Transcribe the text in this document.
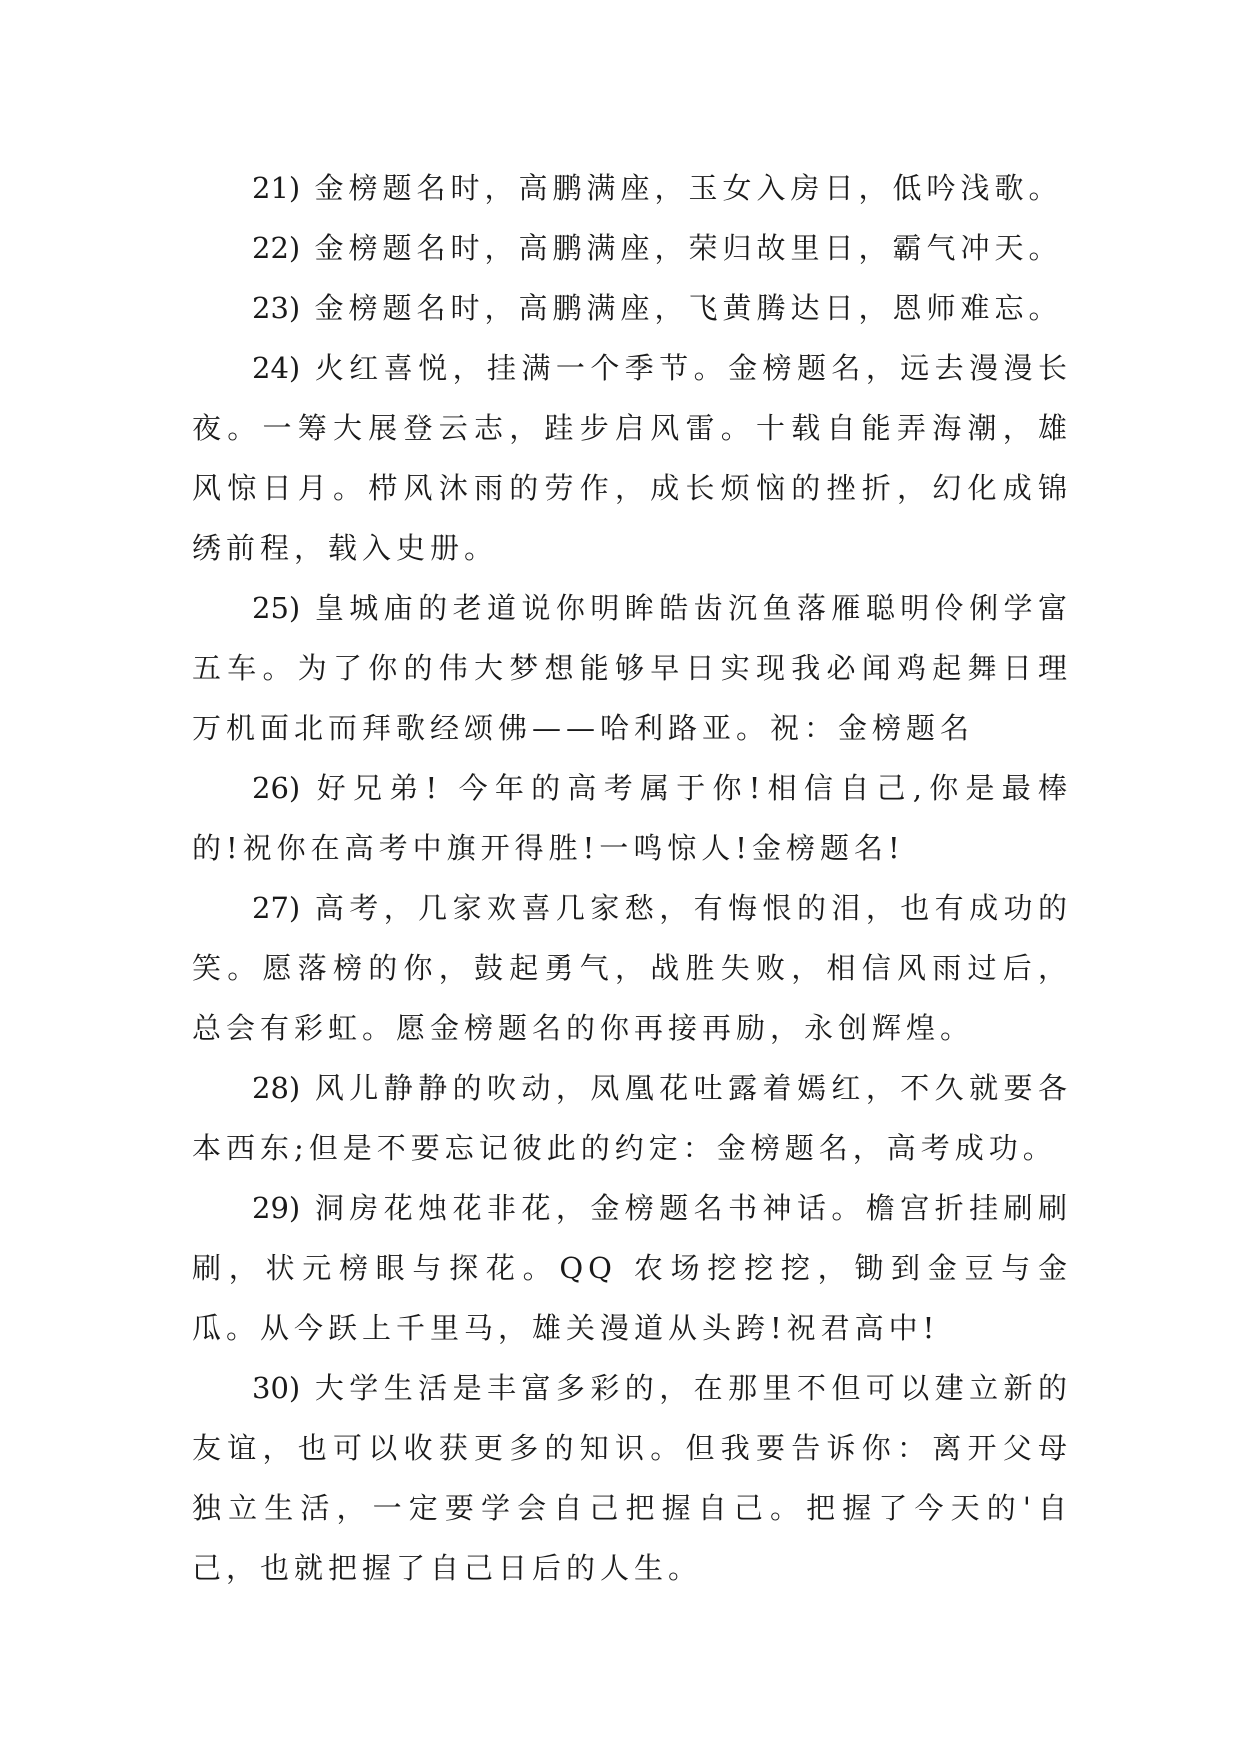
21) 金榜题名时，高鹏满座，玉女入房日，低吟浅歌。

22) 金榜题名时，高鹏满座，荣归故里日，霸气冲天。

23) 金榜题名时，高鹏满座，飞黄腾达日，恩师难忘。

24) 火红喜悦，挂满一个季节。金榜题名，远去漫漫长夜。一筹大展登云志，跬步启风雷。十载自能弄海潮，雄风惊日月。栉风沐雨的劳作，成长烦恼的挫折，幻化成锦绣前程，载入史册。

25) 皇城庙的老道说你明眸皓齿沉鱼落雁聪明伶俐学富五车。为了你的伟大梦想能够早日实现我必闻鸡起舞日理万机面北而拜歌经颂佛——哈利路亚。祝：金榜题名

26) 好兄弟! 今年的高考属于你!相信自己,你是最棒的!祝你在高考中旗开得胜!一鸣惊人!金榜题名!

27) 高考，几家欢喜几家愁，有悔恨的泪，也有成功的笑。愿落榜的你，鼓起勇气，战胜失败，相信风雨过后，总会有彩虹。愿金榜题名的你再接再励，永创辉煌。

28) 风儿静静的吹动，凤凰花吐露着嫣红，不久就要各本西东;但是不要忘记彼此的约定：金榜题名，高考成功。

29) 洞房花烛花非花，金榜题名书神话。檐宫折挂刷刷刷，状元榜眼与探花。QQ 农场挖挖挖，锄到金豆与金瓜。从今跃上千里马，雄关漫道从头跨!祝君高中!

30) 大学生活是丰富多彩的，在那里不但可以建立新的友谊，也可以收获更多的知识。但我要告诉你：离开父母独立生活，一定要学会自己把握自己。把握了今天的'自己，也就把握了自己日后的人生。
